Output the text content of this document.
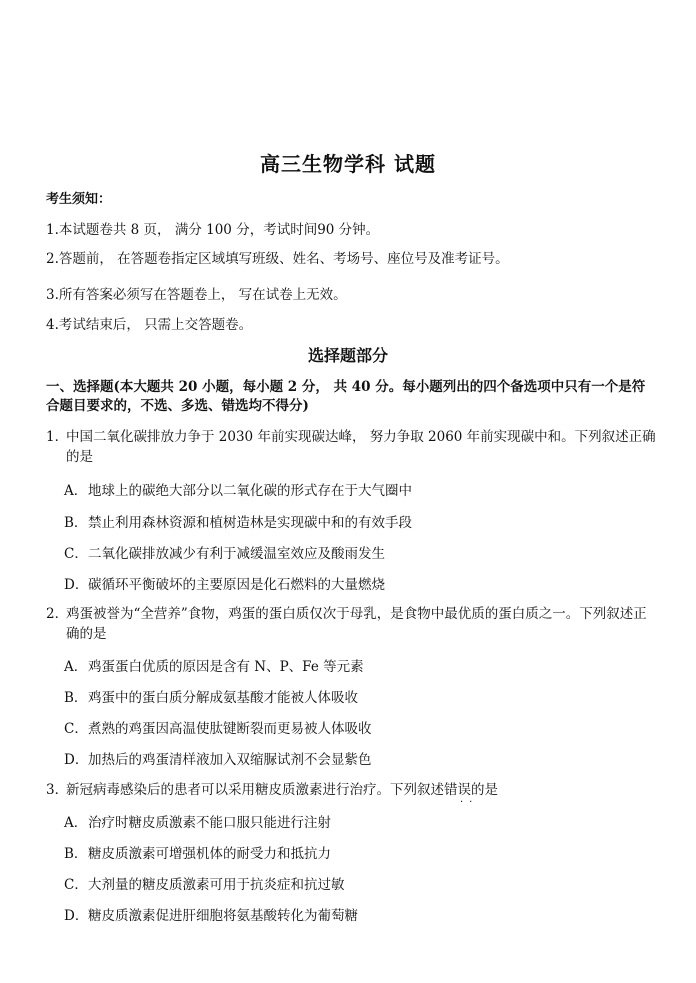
高三生物学科 试题
考生须知：
1.本试题卷共 8 页， 满分 100 分，考试时间90 分钟。
2.答题前， 在答题卷指定区域填写班级、姓名、考场号、座位号及准考证号。
3.所有答案必须写在答题卷上， 写在试卷上无效。
4.考试结束后， 只需上交答题卷。
选择题部分
一、选择题(本大题共 20 小题，每小题 2 分， 共 40 分。每小题列出的四个备选项中只有一个是符合题目要求的，不选、多选、错选均不得分)
1．
中国二氧化碳排放力争于 2030 年前实现碳达峰， 努力争取 2060 年前实现碳中和。下列叙述正确的是
A．地球上的碳绝大部分以二氧化碳的形式存在于大气圈中
B．禁止利用森林资源和植树造林是实现碳中和的有效手段
C．二氧化碳排放减少有利于减缓温室效应及酸雨发生
D．碳循环平衡破坏的主要原因是化石燃料的大量燃烧
2．
鸡蛋被誉为“全营养”食物，鸡蛋的蛋白质仅次于母乳，是食物中最优质的蛋白质之一。下列叙述正确的是
A．鸡蛋蛋白优质的原因是含有 N、P、Fe 等元素
B．鸡蛋中的蛋白质分解成氨基酸才能被人体吸收
C．煮熟的鸡蛋因高温使肽键断裂而更易被人体吸收
D．加热后的鸡蛋清样液加入双缩脲试剂不会显紫色
3．
新冠病毒感染后的患者可以采用糖皮质激素进行治疗。下列叙述错误的是
··
A．治疗时糖皮质激素不能口服只能进行注射
B．糖皮质激素可增强机体的耐受力和抵抗力
C．大剂量的糖皮质激素可用于抗炎症和抗过敏
D．糖皮质激素促进肝细胞将氨基酸转化为葡萄糖
